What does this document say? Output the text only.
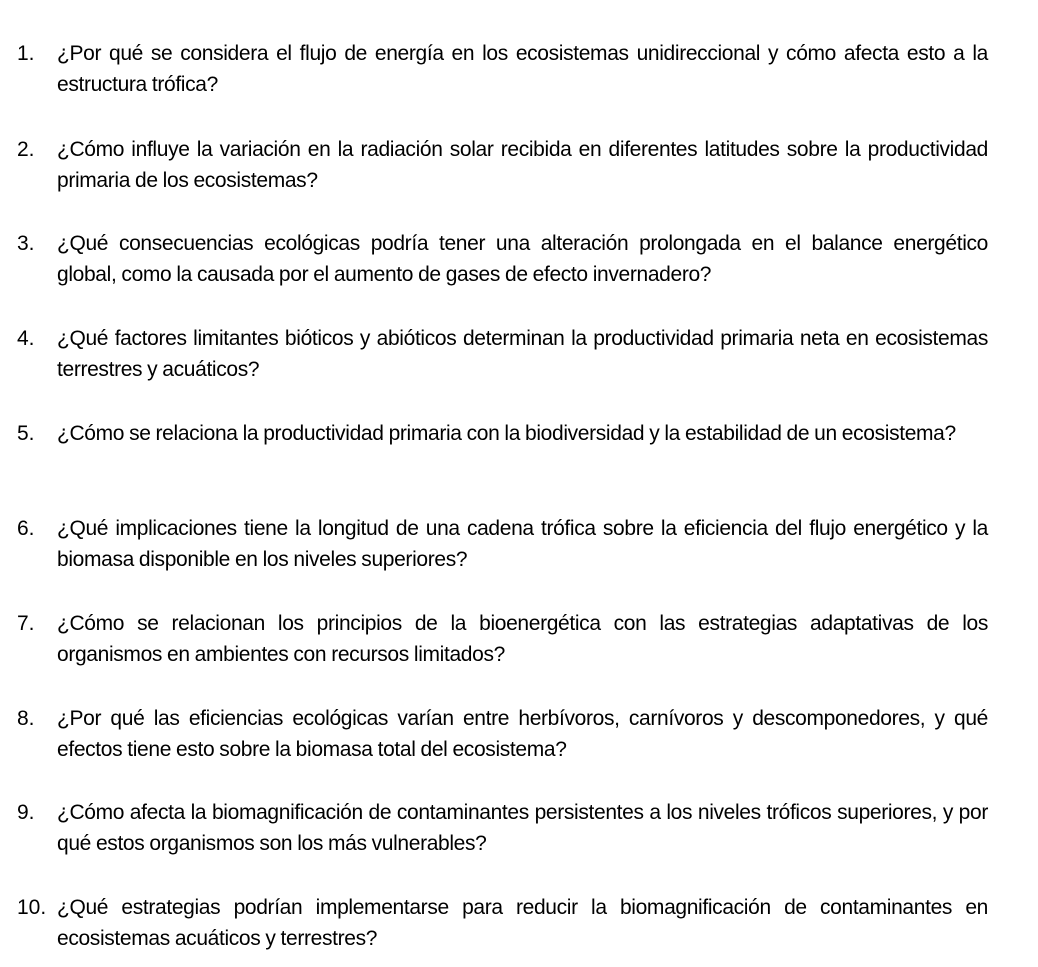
1. ¿Por qué se considera el flujo de energía en los ecosistemas unidireccional y cómo afecta esto a la estructura trófica?
2. ¿Cómo influye la variación en la radiación solar recibida en diferentes latitudes sobre la productividad primaria de los ecosistemas?
3. ¿Qué consecuencias ecológicas podría tener una alteración prolongada en el balance energético global, como la causada por el aumento de gases de efecto invernadero?
4. ¿Qué factores limitantes bióticos y abióticos determinan la productividad primaria neta en ecosistemas terrestres y acuáticos?
5. ¿Cómo se relaciona la productividad primaria con la biodiversidad y la estabilidad de un ecosistema?
6. ¿Qué implicaciones tiene la longitud de una cadena trófica sobre la eficiencia del flujo energético y la biomasa disponible en los niveles superiores?
7. ¿Cómo se relacionan los principios de la bioenergética con las estrategias adaptativas de los organismos en ambientes con recursos limitados?
8. ¿Por qué las eficiencias ecológicas varían entre herbívoros, carnívoros y descomponedores, y qué efectos tiene esto sobre la biomasa total del ecosistema?
9. ¿Cómo afecta la biomagnificación de contaminantes persistentes a los niveles tróficos superiores, y por qué estos organismos son los más vulnerables?
10. ¿Qué estrategias podrían implementarse para reducir la biomagnificación de contaminantes en ecosistemas acuáticos y terrestres?
